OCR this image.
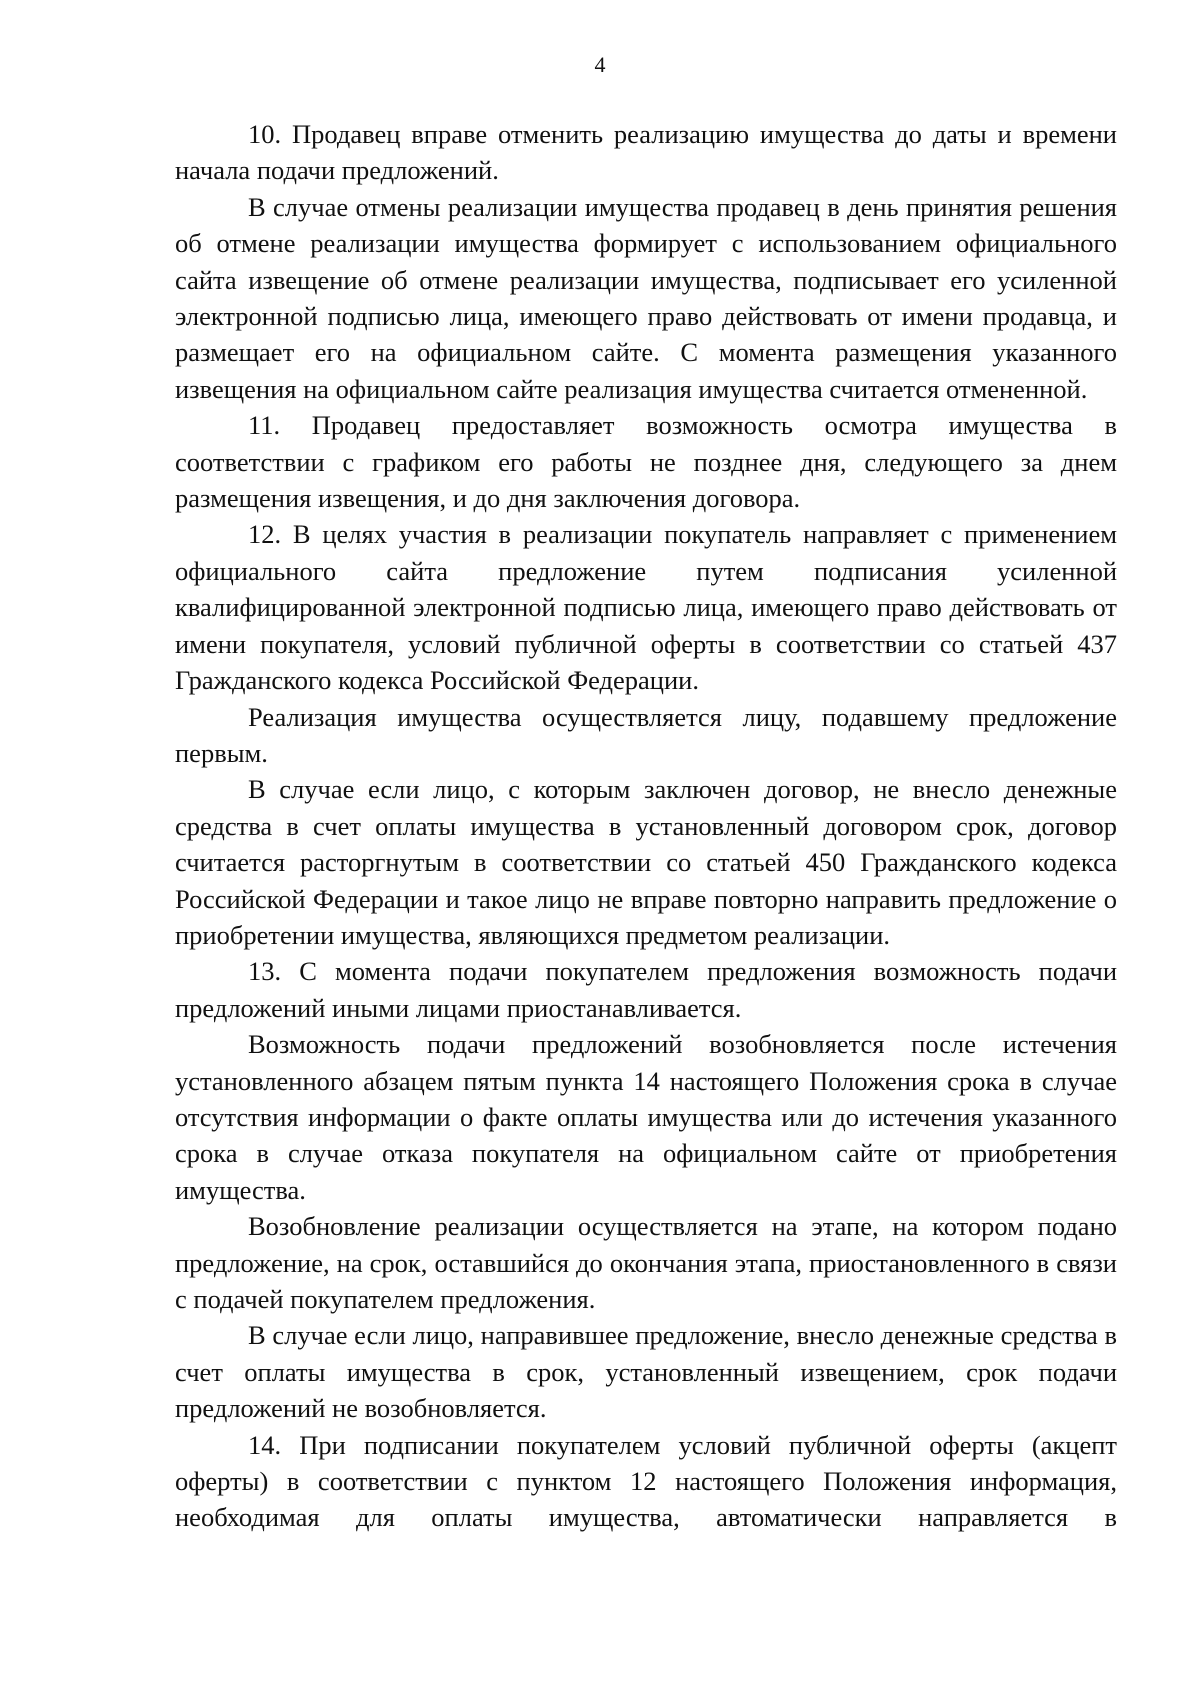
4

10. Продавец вправе отменить реализацию имущества до даты и времени начала подачи предложений.

В случае отмены реализации имущества продавец в день принятия решения об отмене реализации имущества формирует с использованием официального сайта извещение об отмене реализации имущества, подписывает его усиленной электронной подписью лица, имеющего право действовать от имени продавца, и размещает его на официальном сайте. С момента размещения указанного извещения на официальном сайте реализация имущества считается отмененной.

11. Продавец предоставляет возможность осмотра имущества в соответствии с графиком его работы не позднее дня, следующего за днем размещения извещения, и до дня заключения договора.

12. В целях участия в реализации покупатель направляет с применением официального сайта предложение путем подписания усиленной квалифицированной электронной подписью лица, имеющего право действовать от имени покупателя, условий публичной оферты в соответствии со статьей 437 Гражданского кодекса Российской Федерации.

Реализация имущества осуществляется лицу, подавшему предложение первым.

В случае если лицо, с которым заключен договор, не внесло денежные средства в счет оплаты имущества в установленный договором срок, договор считается расторгнутым в соответствии со статьей 450 Гражданского кодекса Российской Федерации и такое лицо не вправе повторно направить предложение о приобретении имущества, являющихся предметом реализации.

13. С момента подачи покупателем предложения возможность подачи предложений иными лицами приостанавливается.

Возможность подачи предложений возобновляется после истечения установленного абзацем пятым пункта 14 настоящего Положения срока в случае отсутствия информации о факте оплаты имущества или до истечения указанного срока в случае отказа покупателя на официальном сайте от приобретения имущества.

Возобновление реализации осуществляется на этапе, на котором подано предложение, на срок, оставшийся до окончания этапа, приостановленного в связи с подачей покупателем предложения.

В случае если лицо, направившее предложение, внесло денежные средства в счет оплаты имущества в срок, установленный извещением, срок подачи предложений не возобновляется.

14. При подписании покупателем условий публичной оферты (акцепт оферты) в соответствии с пунктом 12 настоящего Положения информация, необходимая для оплаты имущества, автоматически направляется в
